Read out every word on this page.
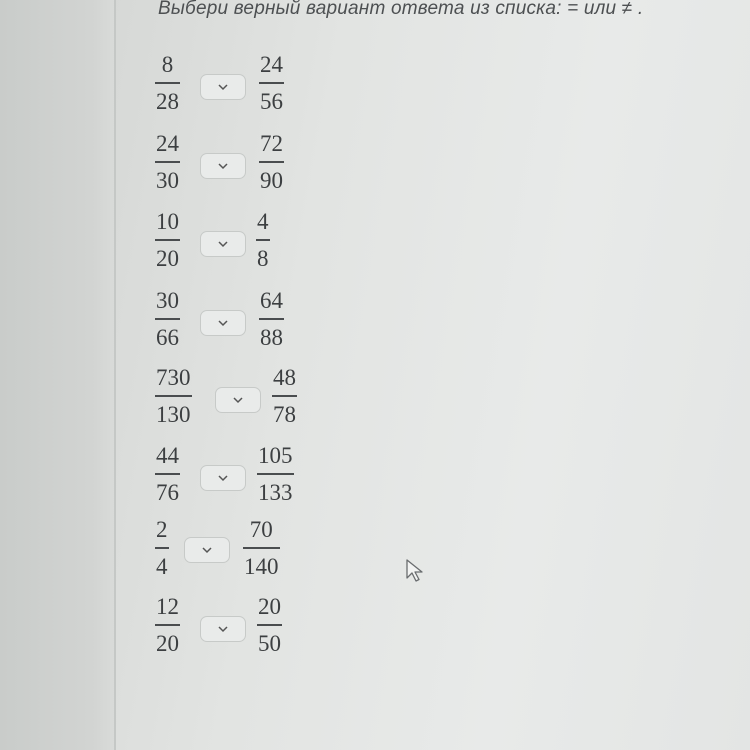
Выбери верный вариант ответа из списка: = или ≠ .
8
28
24
56
24
30
72
90
10
20
4
8
30
66
64
88
730
130
48
78
44
76
105
133
2
4
70
140
12
20
20
50
